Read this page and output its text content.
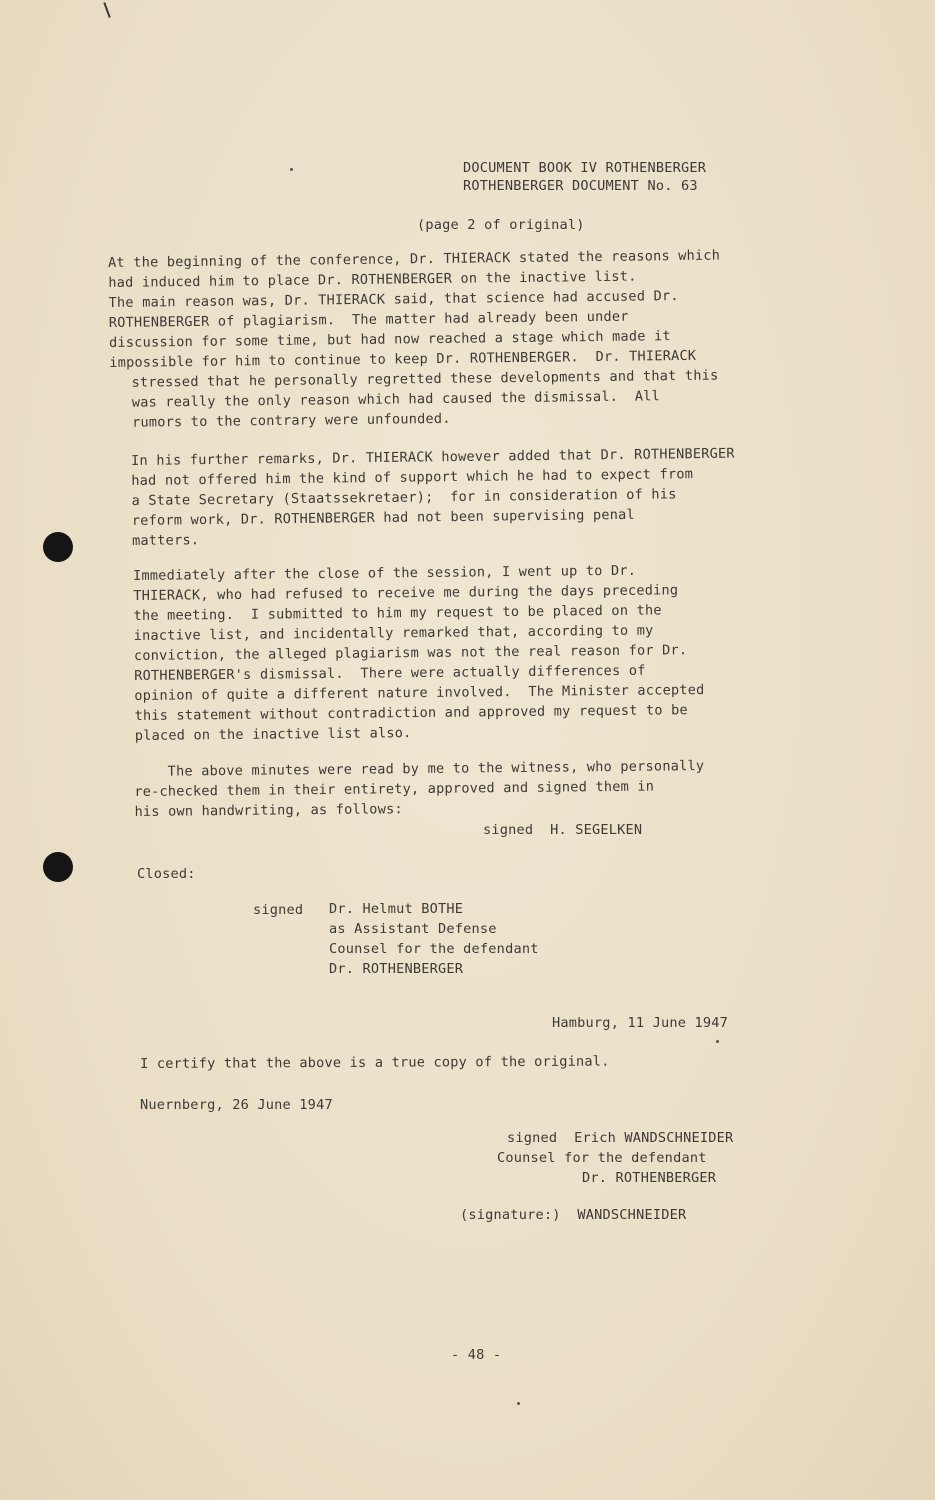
DOCUMENT BOOK IV ROTHENBERGER
ROTHENBERGER DOCUMENT No. 63
(page 2 of original)
At the beginning of the conference, Dr. THIERACK stated the reasons which
had induced him to place Dr. ROTHENBERGER on the inactive list.
The main reason was, Dr. THIERACK said, that science had accused Dr.
ROTHENBERGER of plagiarism.  The matter had already been under
discussion for some time, but had now reached a stage which made it
impossible for him to continue to keep Dr. ROTHENBERGER.  Dr. THIERACK
stressed that he personally regretted these developments and that this
was really the only reason which had caused the dismissal.  All
rumors to the contrary were unfounded.
In his further remarks, Dr. THIERACK however added that Dr. ROTHENBERGER
had not offered him the kind of support which he had to expect from
a State Secretary (Staatssekretaer);  for in consideration of his
reform work, Dr. ROTHENBERGER had not been supervising penal
matters.
Immediately after the close of the session, I went up to Dr.
THIERACK, who had refused to receive me during the days preceding
the meeting.  I submitted to him my request to be placed on the
inactive list, and incidentally remarked that, according to my
conviction, the alleged plagiarism was not the real reason for Dr.
ROTHENBERGER's dismissal.  There were actually differences of
opinion of quite a different nature involved.  The Minister accepted
this statement without contradiction and approved my request to be
placed on the inactive list also.
The above minutes were read by me to the witness, who personally
re-checked them in their entirety, approved and signed them in
his own handwriting, as follows:
signed  H. SEGELKEN
Closed:
signed Dr. Helmut BOTHE
as Assistant Defense
Counsel for the defendant
Dr. ROTHENBERGER
Hamburg, 11 June 1947
I certify that the above is a true copy of the original.
Nuernberg, 26 June 1947
signed  Erich WANDSCHNEIDER
Counsel for the defendant
Dr. ROTHENBERGER
(signature:)  WANDSCHNEIDER
- 48 -
